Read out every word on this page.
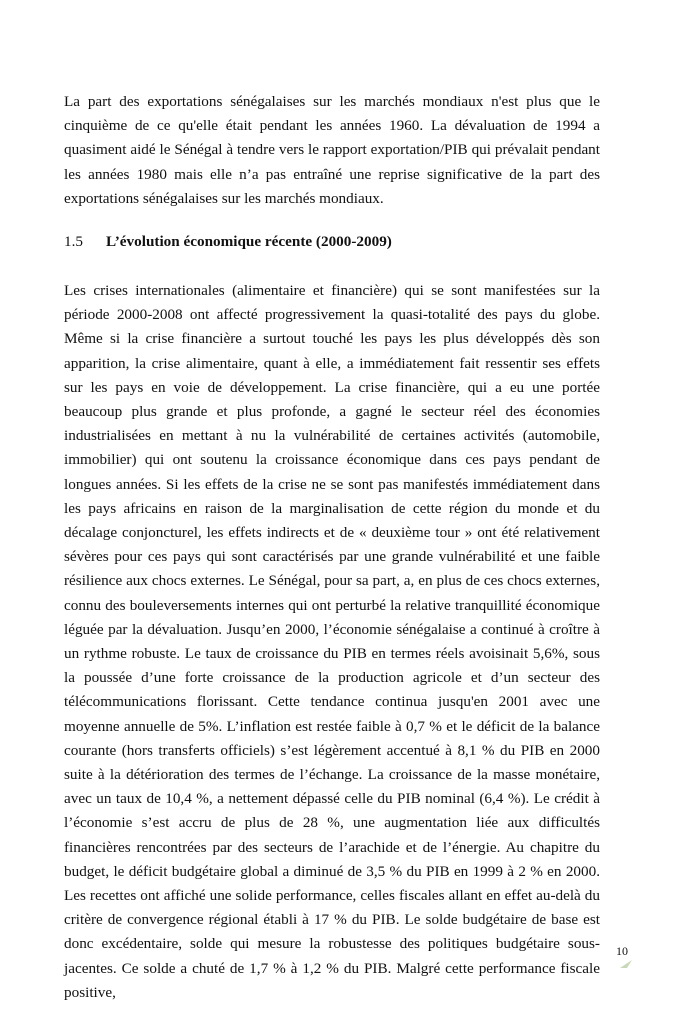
La part des exportations sénégalaises sur les marchés mondiaux n'est plus que le cinquième de ce qu'elle était pendant les années 1960. La dévaluation de 1994 a quasiment aidé le Sénégal à tendre vers le rapport exportation/PIB qui prévalait pendant les années 1980 mais elle n’a pas entraîné une reprise significative de la part des exportations sénégalaises sur les marchés mondiaux.

1.5 L’évolution économique récente (2000-2009)

Les crises internationales (alimentaire et financière) qui se sont manifestées sur la période 2000-2008 ont affecté progressivement la quasi-totalité des pays du globe. Même si la crise financière a surtout touché les pays les plus développés dès son apparition, la crise alimentaire, quant à elle, a immédiatement fait ressentir ses effets sur les pays en voie de développement. La crise financière, qui a eu une portée beaucoup plus grande et plus profonde, a gagné le secteur réel des économies industrialisées en mettant à nu la vulnérabilité de certaines activités (automobile, immobilier) qui ont soutenu la croissance économique dans ces pays pendant de longues années. Si les effets de la crise ne se sont pas manifestés immédiatement dans les pays africains en raison de la marginalisation de cette région du monde et du décalage conjoncturel, les effets indirects et de « deuxième tour » ont été relativement sévères pour ces pays qui sont caractérisés par une grande vulnérabilité et une faible résilience aux chocs externes. Le Sénégal, pour sa part, a, en plus de ces chocs externes, connu des bouleversements internes qui ont perturbé la relative tranquillité économique léguée par la dévaluation. Jusqu’en 2000, l’économie sénégalaise a continué à croître à un rythme robuste. Le taux de croissance du PIB en termes réels avoisinait 5,6%, sous la poussée d’une forte croissance de la production agricole et d’un secteur des télécommunications florissant. Cette tendance continua jusqu'en 2001 avec une moyenne annuelle de 5%. L’inflation est restée faible à 0,7 % et le déficit de la balance courante (hors transferts officiels) s’est légèrement accentué à 8,1 % du PIB en 2000 suite à la détérioration des termes de l’échange. La croissance de la masse monétaire, avec un taux de 10,4 %, a nettement dépassé celle du PIB nominal (6,4 %). Le crédit à l’économie s’est accru de plus de 28 %, une augmentation liée aux difficultés financières rencontrées par des secteurs de l’arachide et de l’énergie. Au chapitre du budget, le déficit budgétaire global a diminué de 3,5 % du PIB en 1999 à 2 % en 2000. Les recettes ont affiché une solide performance, celles fiscales allant en effet au-delà du critère de convergence régional établi à 17 % du PIB. Le solde budgétaire de base est donc excédentaire, solde qui mesure la robustesse des politiques budgétaire sous-jacentes. Ce solde a chuté de 1,7 % à 1,2 % du PIB. Malgré cette performance fiscale positive,

10
